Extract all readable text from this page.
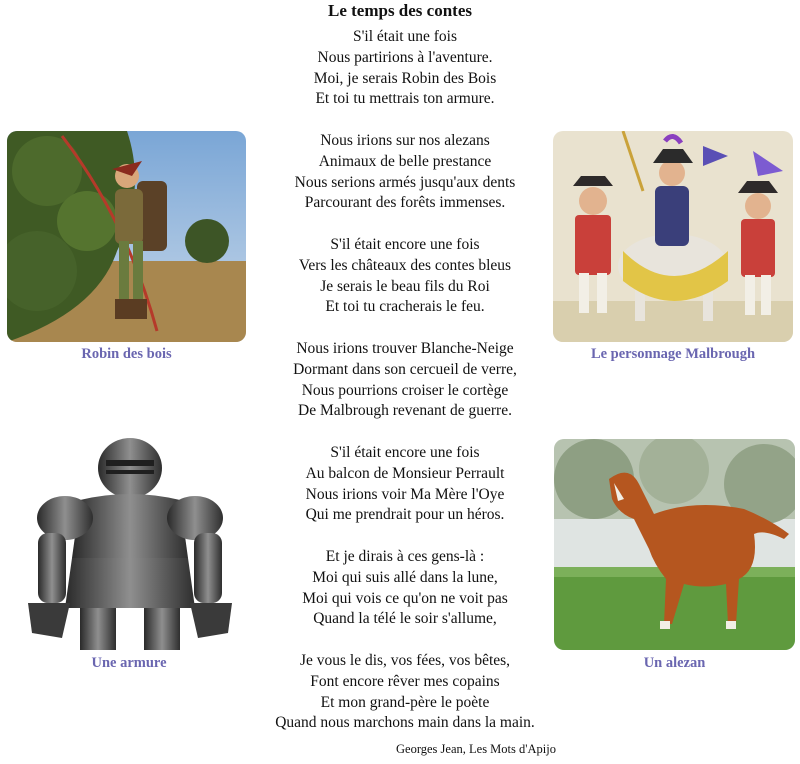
Le temps des contes
S'il était une fois
Nous partirions à l'aventure.
Moi, je serais Robin des Bois
Et toi tu mettrais ton armure.
Nous irions sur nos alezans
Animaux de belle prestance
Nous serions armés jusqu'aux dents
Parcourant des forêts immenses.
S'il était encore une fois
Vers les châteaux des contes bleus
Je serais le beau fils du Roi
Et toi tu cracherais le feu.
Nous irions trouver Blanche-Neige
Dormant dans son cercueil de verre,
Nous pourrions croiser le cortège
De Malbrough revenant de guerre.
S'il était encore une fois
Au balcon de Monsieur Perrault
Nous irions voir Ma Mère l'Oye
Qui me prendrait pour un héros.
Et je dirais à ces gens-là :
Moi qui suis allé dans la lune,
Moi qui vois ce qu'on ne voit pas
Quand la télé le soir s'allume,
Je vous le dis, vos fées, vos bêtes,
Font encore rêver mes copains
Et mon grand-père le poète
Quand nous marchons main dans la main.
Georges Jean, Les Mots d'Apijo
Robin des bois	Le personnage Malbrough
Une armure	Un alezan
